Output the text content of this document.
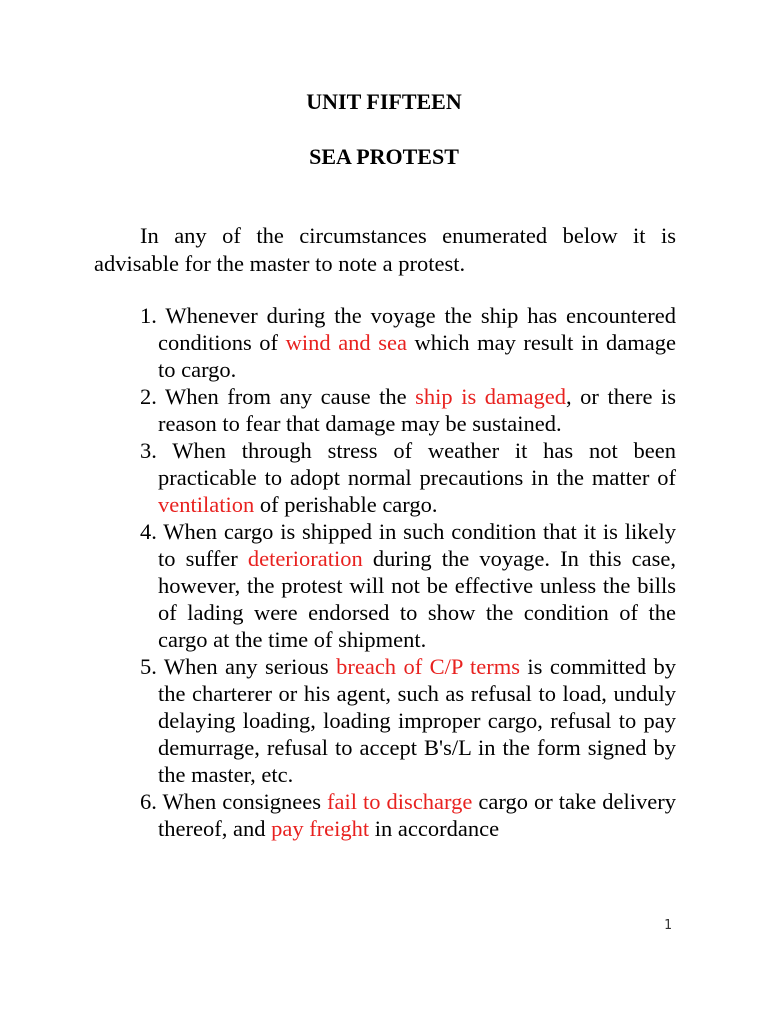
UNIT FIFTEEN
SEA PROTEST

In any of the circumstances enumerated below it is advisable for the master to note a protest.

1. Whenever during the voyage the ship has encountered conditions of wind and sea which may result in damage to cargo.
2. When from any cause the ship is damaged, or there is reason to fear that damage may be sustained.
3. When through stress of weather it has not been practicable to adopt normal precautions in the matter of ventilation of perishable cargo.
4. When cargo is shipped in such condition that it is likely to suffer deterioration during the voyage. In this case, however, the protest will not be effective unless the bills of lading were endorsed to show the condition of the cargo at the time of shipment.
5. When any serious breach of C/P terms is committed by the charterer or his agent, such as refusal to load, unduly delaying loading, loading improper cargo, refusal to pay demurrage, refusal to accept B's/L in the form signed by the master, etc.
6. When consignees fail to discharge cargo or take delivery thereof, and pay freight in accordance
1
